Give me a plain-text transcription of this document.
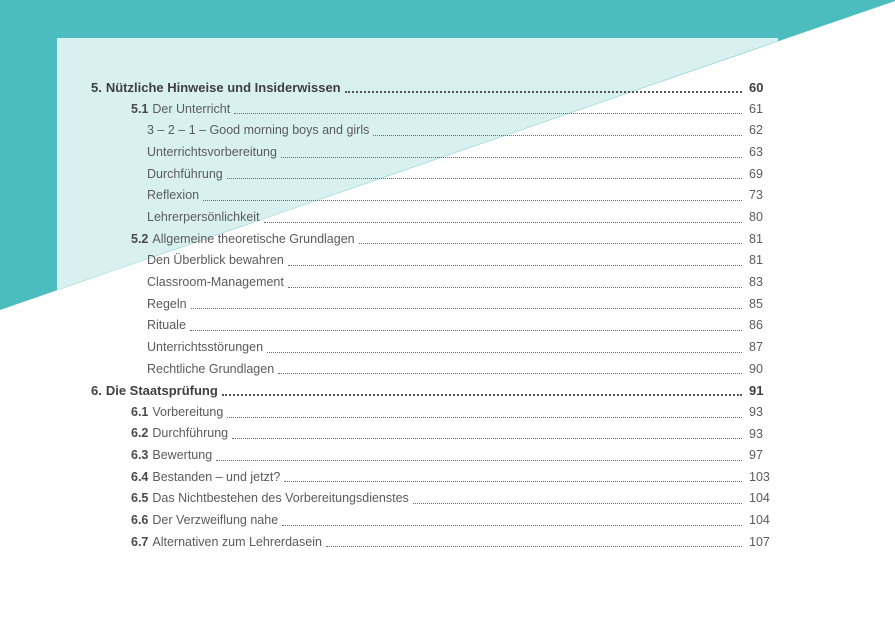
5. Nützliche Hinweise und Insiderwissen	60
5.1 Der Unterricht	61
3 – 2 – 1 – Good morning boys and girls	62
Unterrichtsvorbereitung	63
Durchführung	69
Reflexion	73
Lehrerpersönlichkeit	80
5.2 Allgemeine theoretische Grundlagen	81
Den Überblick bewahren	81
Classroom-Management	83
Regeln	85
Rituale	86
Unterrichtsstörungen	87
Rechtliche Grundlagen	90
6. Die Staatsprüfung	91
6.1 Vorbereitung	93
6.2 Durchführung	93
6.3 Bewertung	97
6.4 Bestanden – und jetzt?	103
6.5 Das Nichtbestehen des Vorbereitungsdienstes	104
6.6 Der Verzweiflung nahe	104
6.7 Alternativen zum Lehrerdasein	107
